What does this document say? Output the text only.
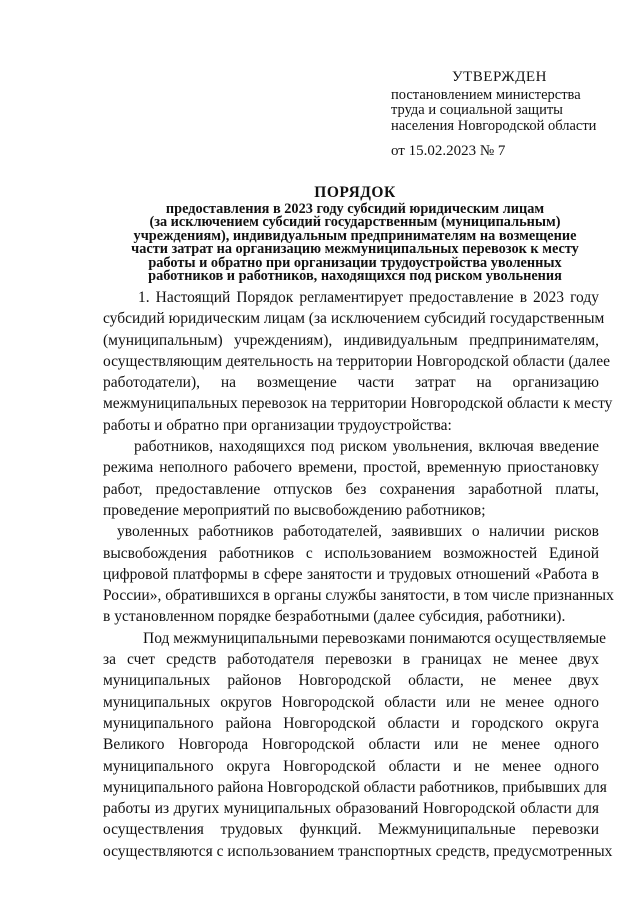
УТВЕРЖДЕН
постановлением министерства
труда и социальной защиты
населения Новгородской области
от 15.02.2023 № 7
ПОРЯДОК
предоставления в 2023 году субсидий юридическим лицам
(за исключением субсидий государственным (муниципальным)
учреждениям), индивидуальным предпринимателям на возмещение
части затрат на организацию межмуниципальных перевозок к месту
работы и обратно при организации трудоустройства уволенных
работников и работников, находящихся под риском увольнения
1. Настоящий Порядок регламентирует предоставление в 2023 году
субсидий юридическим лицам (за исключением субсидий государственным
(муниципальным) учреждениям), индивидуальным предпринимателям,
осуществляющим деятельность на территории Новгородской области (далее
работодатели), на возмещение части затрат на организацию
межмуниципальных перевозок на территории Новгородской области к месту
работы и обратно при организации трудоустройства:
работников, находящихся под риском увольнения, включая введение
режима неполного рабочего времени, простой, временную приостановку
работ, предоставление отпусков без сохранения заработной платы,
проведение мероприятий по высвобождению работников;
уволенных работников работодателей, заявивших о наличии рисков
высвобождения работников с использованием возможностей Единой
цифровой платформы в сфере занятости и трудовых отношений «Работа в
России», обратившихся в органы службы занятости, в том числе признанных
в установленном порядке безработными (далее субсидия, работники).
Под межмуниципальными перевозками понимаются осуществляемые
за счет средств работодателя перевозки в границах не менее двух
муниципальных районов Новгородской области, не менее двух
муниципальных округов Новгородской области или не менее одного
муниципального района Новгородской области и городского округа
Великого Новгорода Новгородской области или не менее одного
муниципального округа Новгородской области и не менее одного
муниципального района Новгородской области работников, прибывших для
работы из других муниципальных образований Новгородской области для
осуществления трудовых функций. Межмуниципальные перевозки
осуществляются с использованием транспортных средств, предусмотренных
